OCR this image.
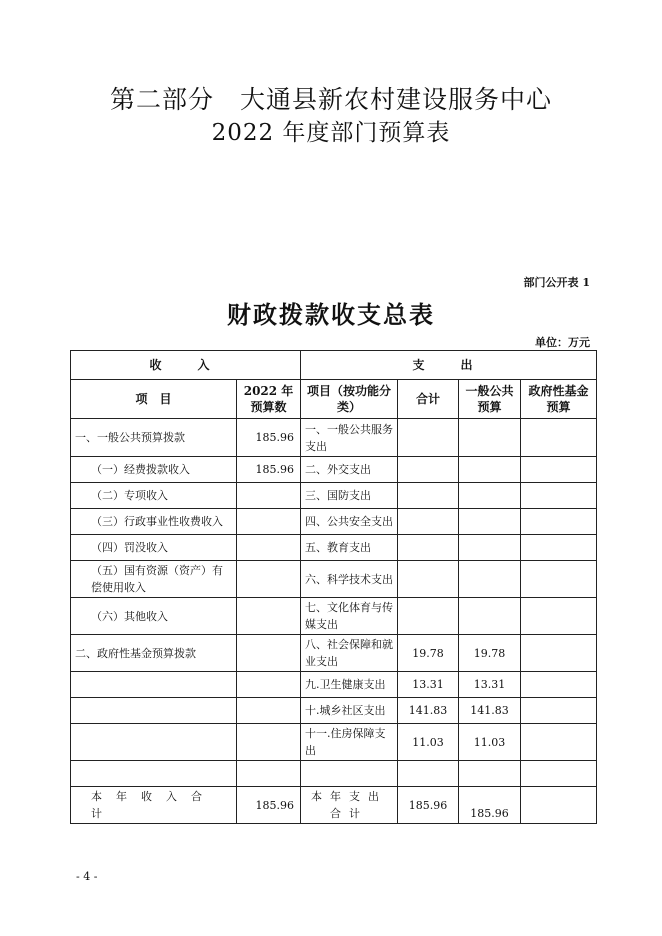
第二部分 大通县新农村建设服务中心
2022 年度部门预算表
部门公开表 1
财政拨款收支总表
单位：万元
收　入		支　出			
项　目	2022 年预算数	项目（按功能分类）	合计	一般公共预算	政府性基金预算
一、一般公共预算拨款	185.96	一、一般公共服务支出			
（一）经费拨款收入	185.96	二、外交支出			
（二）专项收入		三、国防支出			
（三）行政事业性收费收入		四、公共安全支出			
（四）罚没收入		五、教育支出			
（五）国有资源（资产）有偿使用收入		六、科学技术支出			
（六）其他收入		七、文化体育与传媒支出			
二、政府性基金预算拨款		八、社会保障和就业支出	19.78	19.78	
		九.卫生健康支出	13.31	13.31	
		十.城乡社区支出	141.83	141.83	
		十一.住房保障支出	11.03	11.03	

本年收入合计	185.96	本年支出合计	185.96	185.96	
- 4 -
